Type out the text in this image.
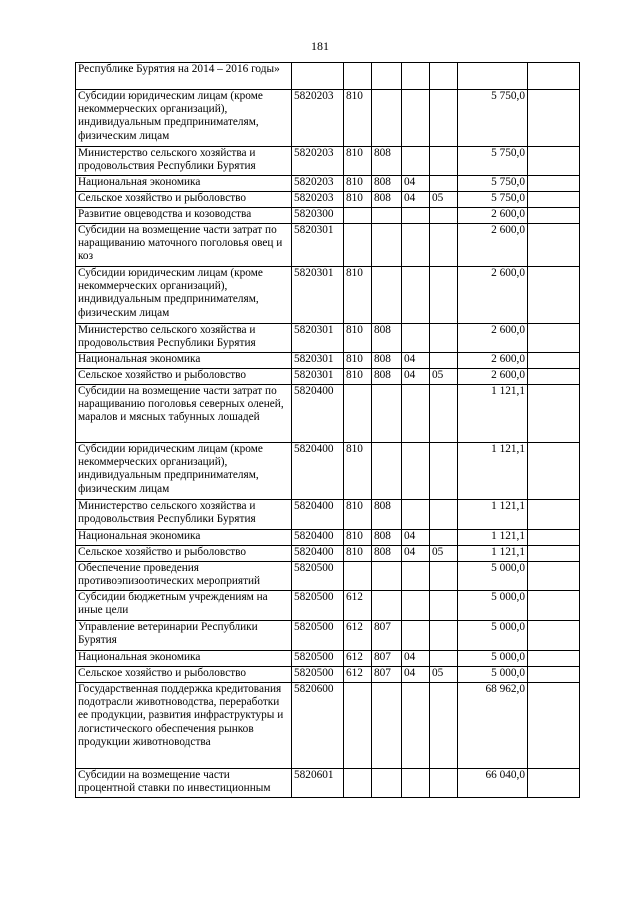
181
Республике Бурятия на 2014 – 2016 годы»							
Субсидии юридическим лицам (кроме некоммерческих организаций), индивидуальным предпринимателям, физическим лицам	5820203	810				5 750,0	
Министерство сельского хозяйства и продовольствия Республики Бурятия	5820203	810	808			5 750,0	
Национальная экономика	5820203	810	808	04		5 750,0	
Сельское хозяйство и рыболовство	5820203	810	808	04	05	5 750,0	
Развитие овцеводства и козоводства	5820300					2 600,0	
Субсидии на возмещение части затрат по наращиванию маточного поголовья овец и коз	5820301					2 600,0	
Субсидии юридическим лицам (кроме некоммерческих организаций), индивидуальным предпринимателям, физическим лицам	5820301	810				2 600,0	
Министерство сельского хозяйства и продовольствия Республики Бурятия	5820301	810	808			2 600,0	
Национальная экономика	5820301	810	808	04		2 600,0	
Сельское хозяйство и рыболовство	5820301	810	808	04	05	2 600,0	
Субсидии на возмещение части затрат по наращиванию поголовья северных оленей, маралов и мясных табунных лошадей	5820400					1 121,1	
Субсидии юридическим лицам (кроме некоммерческих организаций), индивидуальным предпринимателям, физическим лицам	5820400	810				1 121,1	
Министерство сельского хозяйства и продовольствия Республики Бурятия	5820400	810	808			1 121,1	
Национальная экономика	5820400	810	808	04		1 121,1	
Сельское хозяйство и рыболовство	5820400	810	808	04	05	1 121,1	
Обеспечение проведения противоэпизоотических мероприятий	5820500					5 000,0	
Субсидии бюджетным учреждениям на иные цели	5820500	612				5 000,0	
Управление ветеринарии Республики Бурятия	5820500	612	807			5 000,0	
Национальная экономика	5820500	612	807	04		5 000,0	
Сельское хозяйство и рыболовство	5820500	612	807	04	05	5 000,0	
Государственная поддержка кредитования подотрасли животноводства, переработки ее продукции, развития инфраструктуры и логистического обеспечения рынков продукции животноводства	5820600					68 962,0	
Субсидии на возмещение части процентной ставки по инвестиционным	5820601					66 040,0	
